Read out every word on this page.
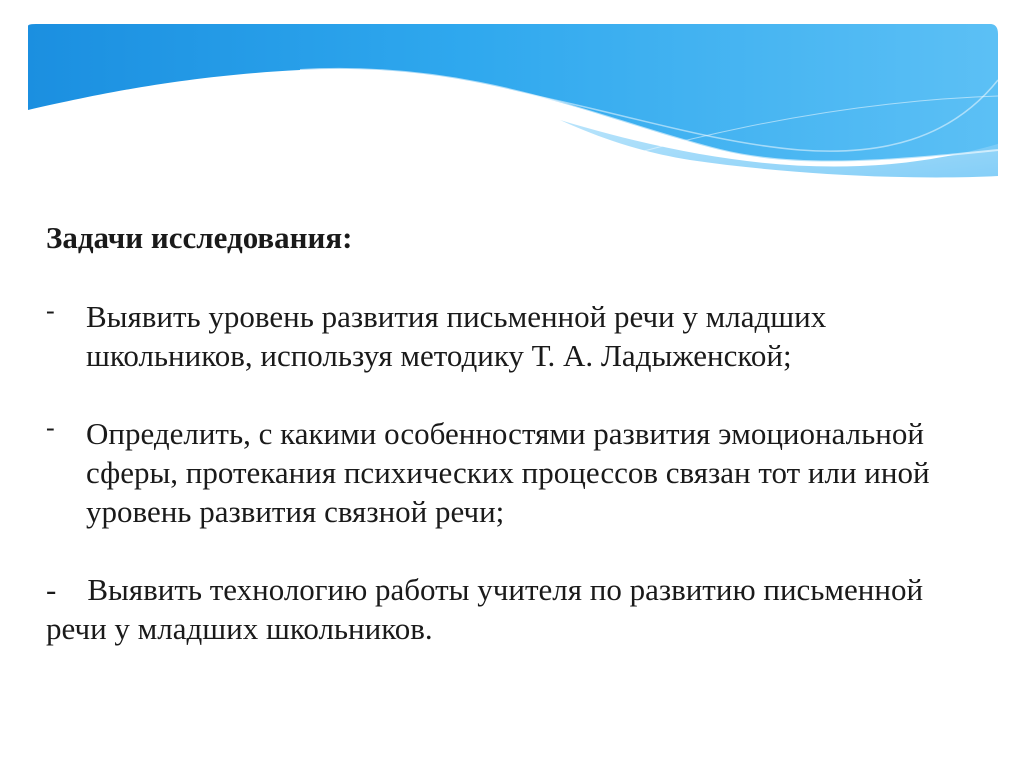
Задачи исследования:

- Выявить уровень развития письменной речи у младших школьников, используя методику Т. А. Ладыженской;
- Определить, с какими особенностями развития эмоциональной сферы, протекания психических процессов связан тот или иной уровень развития связной речи;

- Выявить технологию работы учителя по развитию письменной речи у младших школьников.
